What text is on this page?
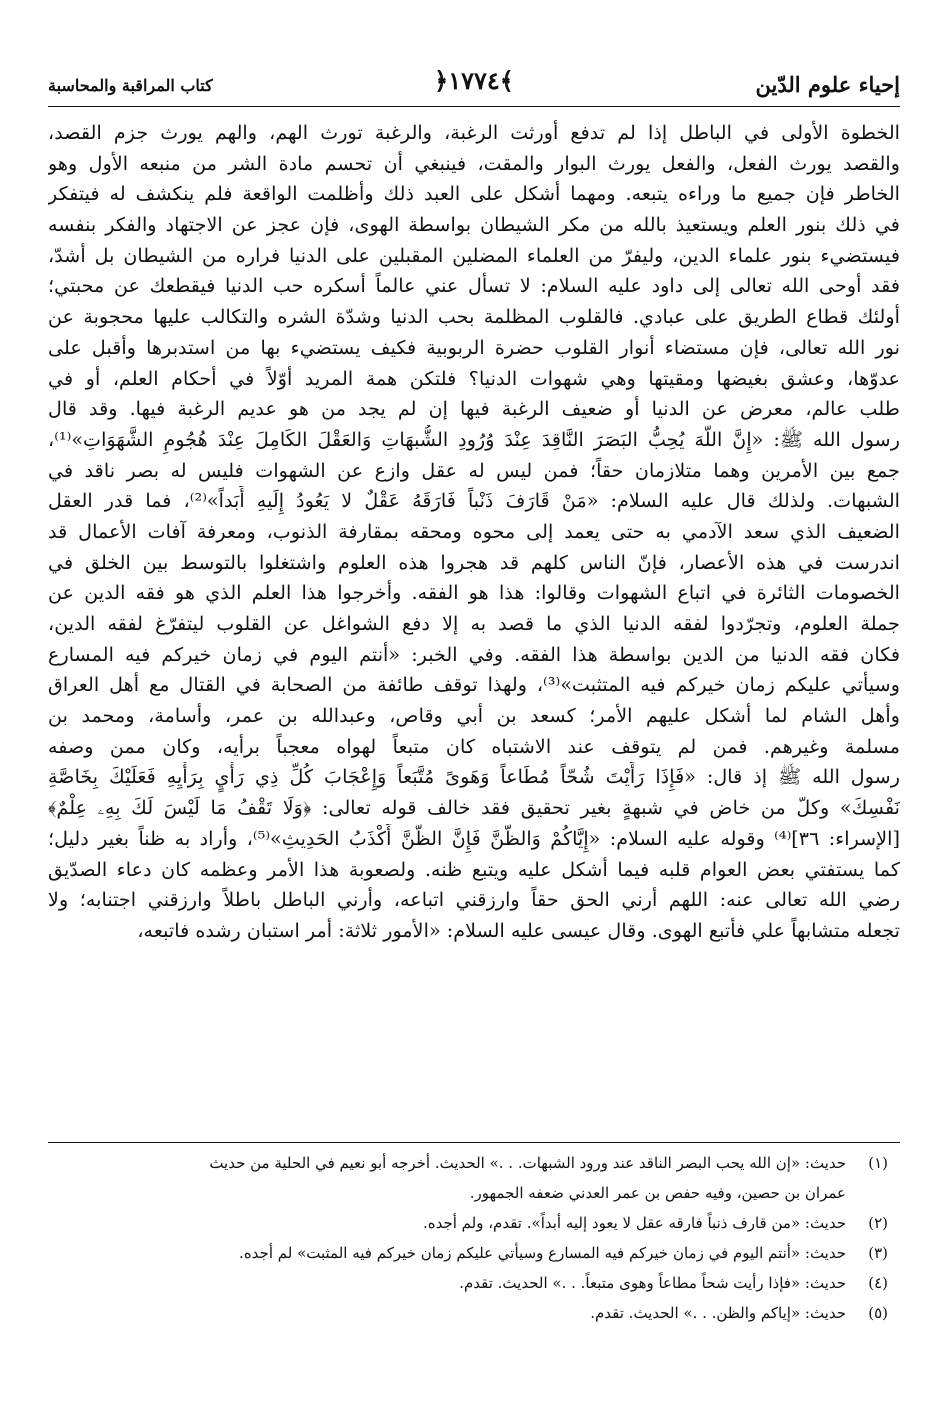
إحياء علوم الدّين
﴿١٧٧٤﴾
كتاب المراقبة والمحاسبة
الخطوة الأولى في الباطل إذا لم تدفع أورثت الرغبة، والرغبة تورث الهم، والهم يورث جزم القصد،
والقصد يورث الفعل، والفعل يورث البوار والمقت، فينبغي أن تحسم مادة الشر من منبعه الأول وهو
الخاطر فإن جميع ما وراءه يتبعه. ومهما أشكل على العبد ذلك وأظلمت الواقعة فلم ينكشف له فيتفكر
في ذلك بنور العلم ويستعيذ بالله من مكر الشيطان بواسطة الهوى، فإن عجز عن الاجتهاد والفكر بنفسه
فيستضيء بنور علماء الدين، وليفرّ من العلماء المضلين المقبلين على الدنيا فراره من الشيطان بل أشدّ،
فقد أوحى الله تعالى إلى داود عليه السلام: لا تسأل عني عالماً أسكره حب الدنيا فيقطعك عن محبتي؛
أولئك قطاع الطريق على عبادي. فالقلوب المظلمة بحب الدنيا وشدّة الشره والتكالب عليها محجوبة عن
نور الله تعالى، فإن مستضاء أنوار القلوب حضرة الربوبية فكيف يستضيء بها من استدبرها وأقبل على
عدوّها، وعشق بغيضها ومقيتها وهي شهوات الدنيا؟ فلتكن همة المريد أوّلاً في أحكام العلم، أو في
طلب عالم، معرض عن الدنيا أو ضعيف الرغبة فيها إن لم يجد من هو عديم الرغبة فيها. وقد قال
رسول الله ﷺ: «إِنَّ اللَّهَ يُحِبُّ البَصَرَ النَّاقِدَ عِنْدَ وُرُودِ الشُّبهَاتِ وَالعَقْلَ الكَامِلَ عِنْدَ هُجُومِ الشَّهَوَاتِ»⁽¹⁾،
جمع بين الأمرين وهما متلازمان حقاً؛ فمن ليس له عقل وازع عن الشهوات فليس له بصر ناقد في
الشبهات. ولذلك قال عليه السلام: «مَنْ قَارَفَ ذَنْباً فَارَقَهُ عَقْلٌ لا يَعُودُ إِلَيهِ أَبَداً»⁽²⁾، فما قدر العقل
الضعيف الذي سعد الآدمي به حتى يعمد إلى محوه ومحقه بمقارفة الذنوب، ومعرفة آفات الأعمال قد
اندرست في هذه الأعصار، فإنّ الناس كلهم قد هجروا هذه العلوم واشتغلوا بالتوسط بين الخلق في
الخصومات الثائرة في اتباع الشهوات وقالوا: هذا هو الفقه. وأخرجوا هذا العلم الذي هو فقه الدين عن
جملة العلوم، وتجرّدوا لفقه الدنيا الذي ما قصد به إلا دفع الشواغل عن القلوب ليتفرّغ لفقه الدين،
فكان فقه الدنيا من الدين بواسطة هذا الفقه. وفي الخبر: «أنتم اليوم في زمان خيركم فيه المسارع
وسيأتي عليكم زمان خيركم فيه المتثبت»⁽³⁾، ولهذا توقف طائفة من الصحابة في القتال مع أهل العراق
وأهل الشام لما أشكل عليهم الأمر؛ كسعد بن أبي وقاص، وعبدالله بن عمر، وأسامة، ومحمد بن
مسلمة وغيرهم. فمن لم يتوقف عند الاشتباه كان متبعاً لهواه معجباً برأيه، وكان ممن وصفه
رسول الله ﷺ إذ قال: «فَإِذَا رَأَيْتَ شُحّاً مُطَاعاً وَهَوىً مُتَّبَعاً وَإِعْجَابَ كُلِّ ذِي رَأْيٍ بِرَأْيِهِ فَعَلَيْكَ بِخَاصَّةِ
نَفْسِكَ» وكلّ من خاض في شبهةٍ بغير تحقيق فقد خالف قوله تعالى: ﴿وَلَا تَقْفُ مَا لَيْسَ لَكَ بِهِۦ عِلْمٌ﴾
[الإسراء: ٣٦]⁽⁴⁾ وقوله عليه السلام: «إِيَّاكُمْ وَالظَّنَّ فَإِنَّ الظَّنَّ أَكْذَبُ الحَدِيثِ»⁽⁵⁾، وأراد به ظناً بغير دليل؛
كما يستفتي بعض العوام قلبه فيما أشكل عليه ويتبع ظنه. ولصعوبة هذا الأمر وعظمه كان دعاء الصدّيق
رضي الله تعالى عنه: اللهم أرني الحق حقاً وارزقني اتباعه، وأرني الباطل باطلاً وارزقني اجتنابه؛ ولا
تجعله متشابهاً علي فأتبع الهوى. وقال عيسى عليه السلام: «الأمور ثلاثة: أمر استبان رشده فاتبعه،
(١)حديث: «إن الله يحب البصر الناقد عند ورود الشبهات. . .» الحديث. أخرجه أبو نعيم في الحلية من حديث
عمران بن حصين، وفيه حفص بن عمر العدني ضعفه الجمهور.
(٢)حديث: «من قارف ذنباً فارقه عقل لا يعود إليه أبداً». تقدم، ولم أجده.
(٣)حديث: «أنتم اليوم في زمان خيركم فيه المسارع وسيأتي عليكم زمان خيركم فيه المثبت» لم أجده.
(٤)حديث: «فإذا رأيت شحاً مطاعاً وهوى متبعاً. . .» الحديث. تقدم.
(٥)حديث: «إياكم والظن. . .» الحديث. تقدم.
